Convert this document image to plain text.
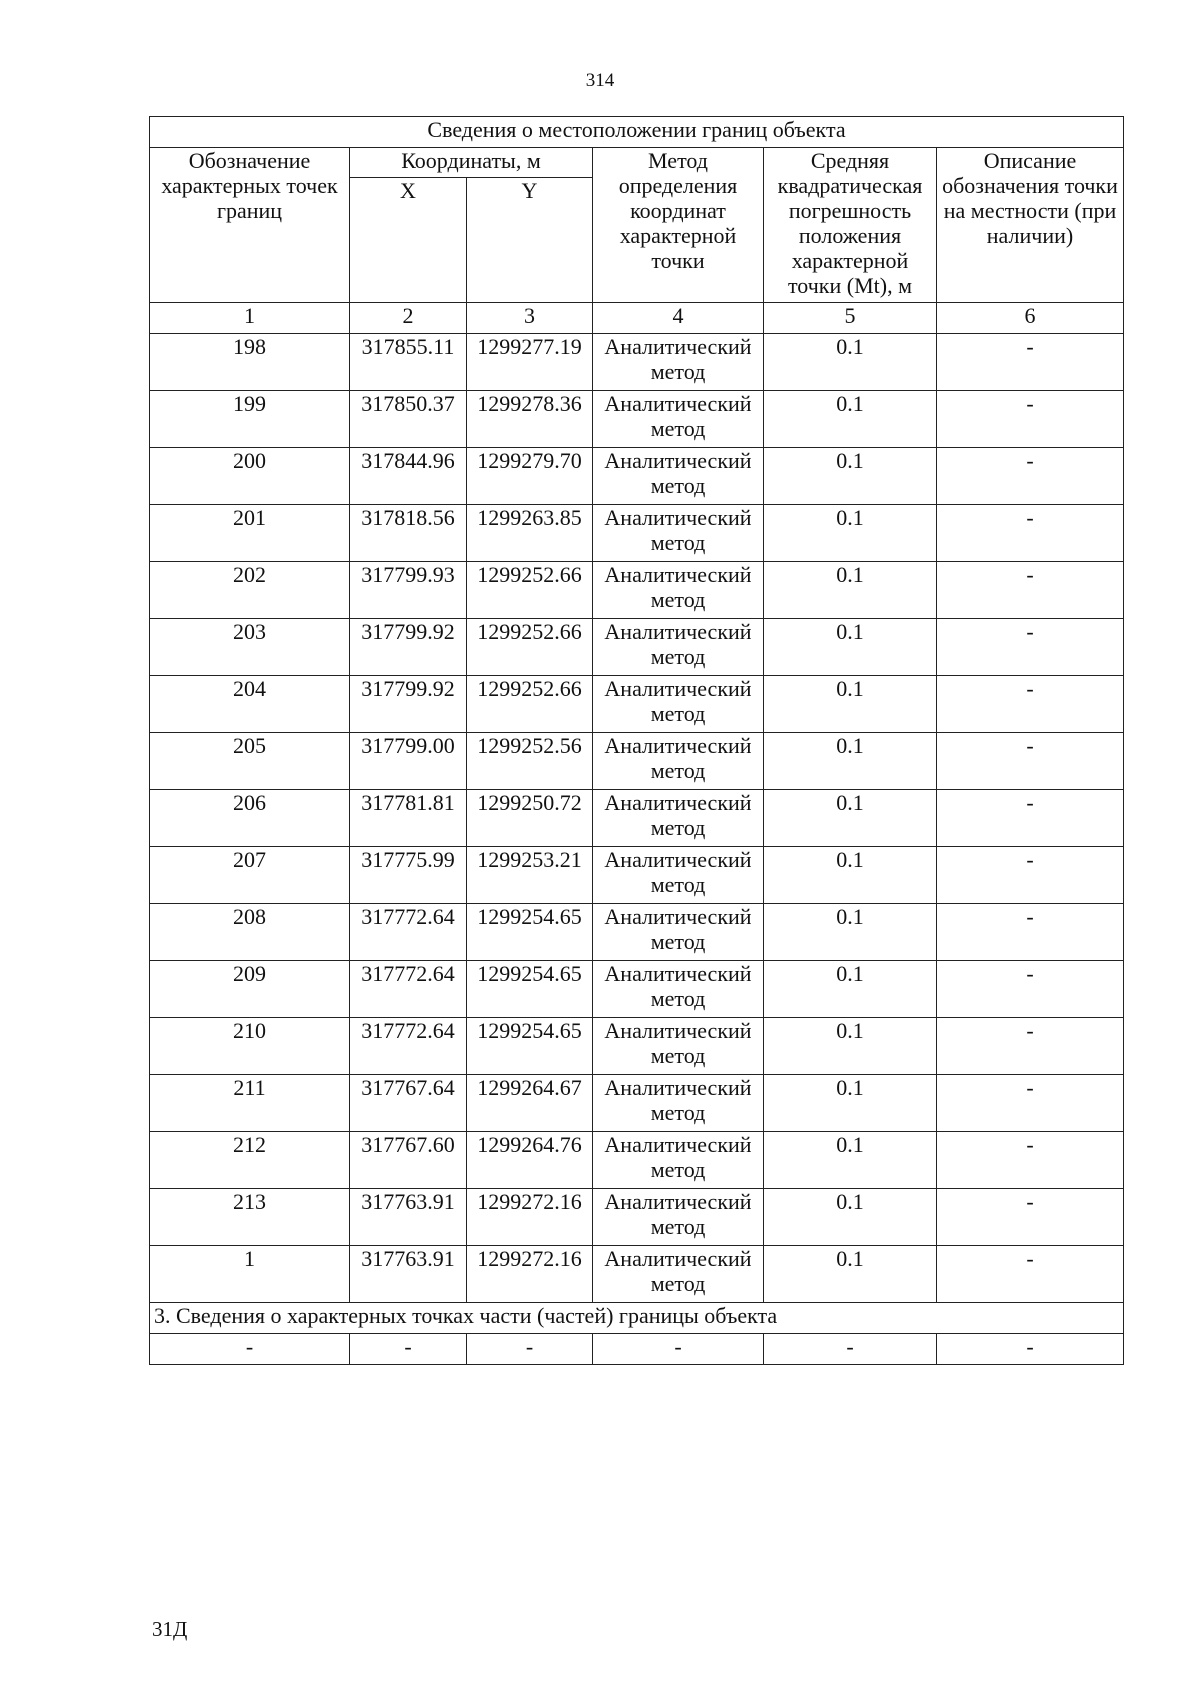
314
Сведения о местоположении границ объекта					
Обозначение характерных точек границ	Координаты, м		Метод определения координат характерной точки	Средняя квадратическая погрешность положения характерной точки (Mt), м	Описание обозначения точки на местности (при наличии)
	X	Y			
1	2	3	4	5	6
198	317855.11	1299277.19	Аналитический метод	0.1	-
199	317850.37	1299278.36	Аналитический метод	0.1	-
200	317844.96	1299279.70	Аналитический метод	0.1	-
201	317818.56	1299263.85	Аналитический метод	0.1	-
202	317799.93	1299252.66	Аналитический метод	0.1	-
203	317799.92	1299252.66	Аналитический метод	0.1	-
204	317799.92	1299252.66	Аналитический метод	0.1	-
205	317799.00	1299252.56	Аналитический метод	0.1	-
206	317781.81	1299250.72	Аналитический метод	0.1	-
207	317775.99	1299253.21	Аналитический метод	0.1	-
208	317772.64	1299254.65	Аналитический метод	0.1	-
209	317772.64	1299254.65	Аналитический метод	0.1	-
210	317772.64	1299254.65	Аналитический метод	0.1	-
211	317767.64	1299264.67	Аналитический метод	0.1	-
212	317767.60	1299264.76	Аналитический метод	0.1	-
213	317763.91	1299272.16	Аналитический метод	0.1	-
1	317763.91	1299272.16	Аналитический метод	0.1	-
3. Сведения о характерных точках части (частей) границы объекта					
-	-	-	-	-	-
31Д
